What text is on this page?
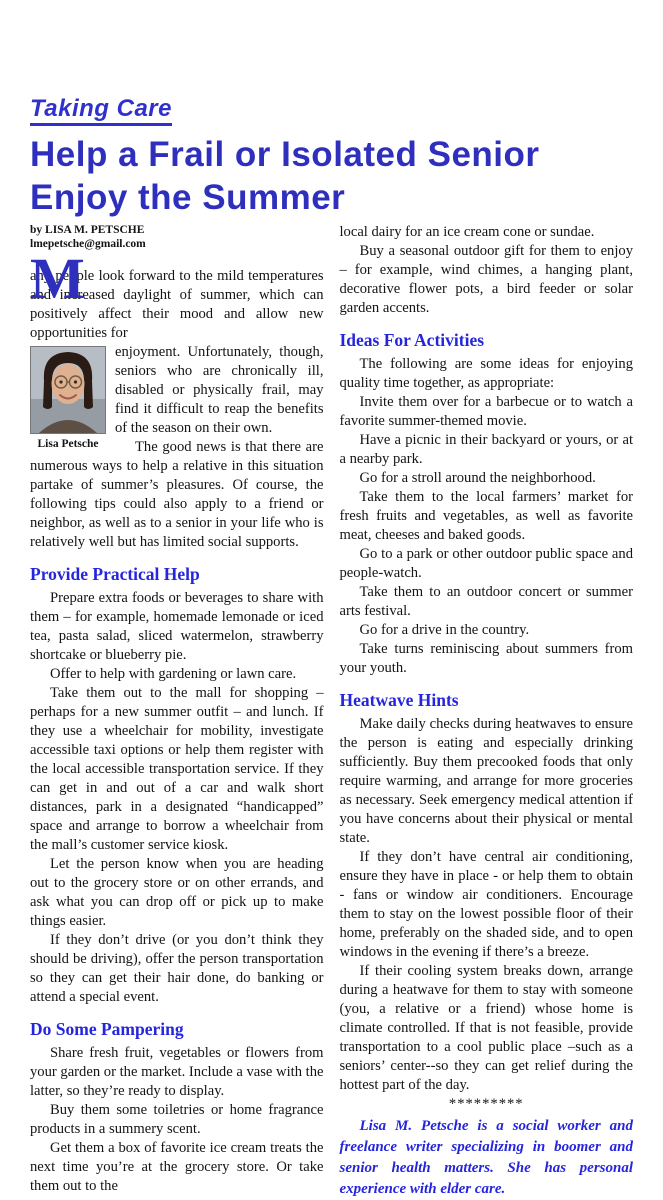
Taking Care
Help a Frail or Isolated Senior
Enjoy the Summer
by LISA M. PETSCHE
lmepetsche@gmail.com

M
any people look forward to the mild temperatures and increased daylight of summer, which can positively affect their mood and allow new opportunities for

Lisa Petsche

enjoyment. Unfortunately, though, seniors who are chronically ill, disabled or physically frail, may find it difficult to reap the benefits of the season on their own.

The good news is that there are numerous ways to help a relative in this situation partake of summer’s pleasures. Of course, the following tips could also apply to a friend or neighbor, as well as to a senior in your life who is relatively well but has limited social supports.

Provide Practical Help

Prepare extra foods or beverages to share with them – for example, homemade lemonade or iced tea, pasta salad, sliced watermelon, strawberry shortcake or blueberry pie.

Offer to help with gardening or lawn care.

Take them out to the mall for shopping – perhaps for a new summer outfit – and lunch. If they use a wheelchair for mobility, investigate accessible taxi options or help them register with the local accessible transportation service. If they can get in and out of a car and walk short distances, park in a designated “handicapped” space and arrange to borrow a wheelchair from the mall’s customer service kiosk.

Let the person know when you are heading out to the grocery store or on other errands, and ask what you can drop off or pick up to make things easier.

If they don’t drive (or you don’t think they should be driving), offer the person transportation so they can get their hair done, do banking or attend a special event.

Do Some Pampering

Share fresh fruit, vegetables or flowers from your garden or the market. Include a vase with the latter, so they’re ready to display.

Buy them some toiletries or home fragrance products in a summery scent.

Get them a box of favorite ice cream treats the next time you’re at the grocery store. Or take them out to the

local dairy for an ice cream cone or sundae.

Buy a seasonal outdoor gift for them to enjoy – for example, wind chimes, a hanging plant, decorative flower pots, a bird feeder or solar garden accents.

Ideas For Activities

The following are some ideas for enjoying quality time together, as appropriate:

Invite them over for a barbecue or to watch a favorite summer-themed movie.

Have a picnic in their backyard or yours, or at a nearby park.

Go for a stroll around the neighborhood.

Take them to the local farmers’ market for fresh fruits and vegetables, as well as favorite meat, cheeses and baked goods.

Go to a park or other outdoor public space and people-watch.

Take them to an outdoor concert or summer arts festival.

Go for a drive in the country.

Take turns reminiscing about summers from your youth.

Heatwave Hints

Make daily checks during heatwaves to ensure the person is eating and especially drinking sufficiently. Buy them precooked foods that only require warming, and arrange for more groceries as necessary. Seek emergency medical attention if you have concerns about their physical or mental state.

If they don’t have central air conditioning, ensure they have in place - or help them to obtain - fans or window air conditioners. Encourage them to stay on the lowest possible floor of their home, preferably on the shaded side, and to open windows in the evening if there’s a breeze.

If their cooling system breaks down, arrange during a heatwave for them to stay with someone (you, a relative or a friend) whose home is climate controlled. If that is not feasible, provide transportation to a cool public place –such as a seniors’ center--so they can get relief during the hottest part of the day.

*********

Lisa M. Petsche is a social worker and freelance writer specializing in boomer and senior health matters. She has personal experience with elder care.
